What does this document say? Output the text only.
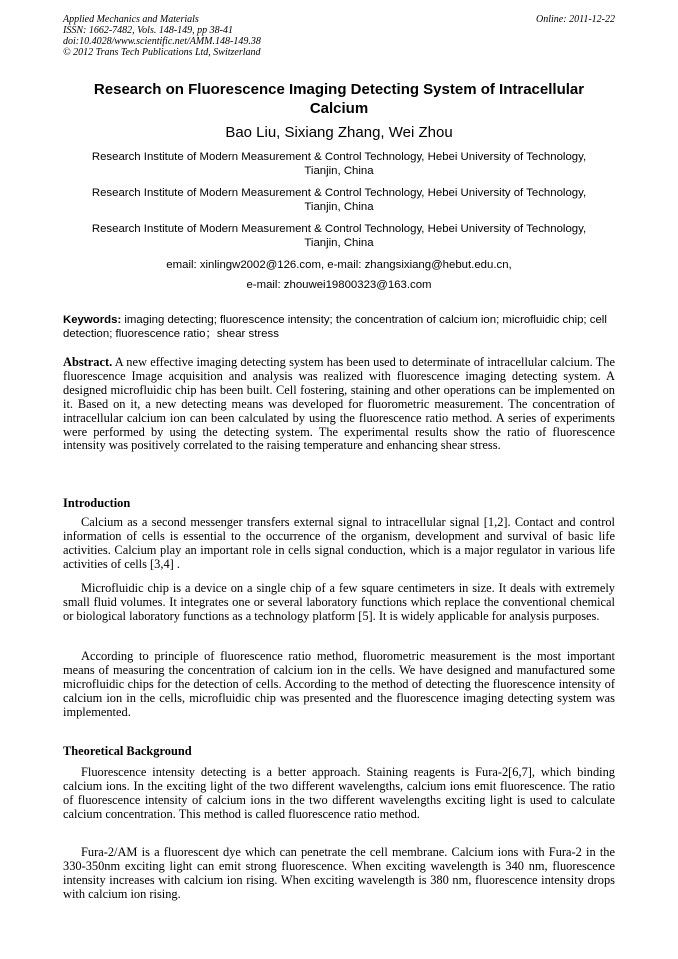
Applied Mechanics and Materials
ISSN: 1662-7482, Vols. 148-149, pp 38-41
doi:10.4028/www.scientific.net/AMM.148-149.38
© 2012 Trans Tech Publications Ltd, Switzerland
Online: 2011-12-22
Research on Fluorescence Imaging Detecting System of Intracellular Calcium
Bao Liu, Sixiang Zhang, Wei Zhou
Research Institute of Modern Measurement & Control Technology, Hebei University of Technology,
Tianjin, China
Research Institute of Modern Measurement & Control Technology, Hebei University of Technology,
Tianjin, China
Research Institute of Modern Measurement & Control Technology, Hebei University of Technology,
Tianjin, China
email: xinlingw2002@126.com, e-mail: zhangsixiang@hebut.edu.cn,
e-mail: zhouwei19800323@163.com
Keywords: imaging detecting; fluorescence intensity; the concentration of calcium ion; microfluidic chip; cell detection; fluorescence ratio；shear stress
Abstract. A new effective imaging detecting system has been used to determinate of intracellular calcium. The fluorescence Image acquisition and analysis was realized with fluorescence imaging detecting system. A designed microfluidic chip has been built. Cell fostering, staining and other operations can be implemented on it. Based on it, a new detecting means was developed for fluorometric measurement. The concentration of intracellular calcium ion can been calculated by using the fluorescence ratio method. A series of experiments were performed by using the detecting system. The experimental results show the ratio of fluorescence intensity was positively correlated to the raising temperature and enhancing shear stress.
Introduction
Calcium as a second messenger transfers external signal to intracellular signal [1,2]. Contact and control information of cells is essential to the occurrence of the organism, development and survival of basic life activities. Calcium play an important role in cells signal conduction, which is a major regulator in various life activities of cells [3,4] .
Microfluidic chip is a device on a single chip of a few square centimeters in size. It deals with extremely small fluid volumes. It integrates one or several laboratory functions which replace the conventional chemical or biological laboratory functions as a technology platform [5]. It is widely applicable for analysis purposes.
According to principle of fluorescence ratio method, fluorometric measurement is the most important means of measuring the concentration of calcium ion in the cells. We have designed and manufactured some microfluidic chips for the detection of cells. According to the method of detecting the fluorescence intensity of calcium ion in the cells, microfluidic chip was presented and the fluorescence imaging detecting system was implemented.
Theoretical Background
Fluorescence intensity detecting is a better approach. Staining reagents is Fura-2[6,7], which binding calcium ions. In the exciting light of the two different wavelengths, calcium ions emit fluorescence. The ratio of fluorescence intensity of calcium ions in the two different wavelengths exciting light is used to calculate calcium concentration. This method is called fluorescence ratio method.
Fura-2/AM is a fluorescent dye which can penetrate the cell membrane. Calcium ions with Fura-2 in the 330-350nm exciting light can emit strong fluorescence. When exciting wavelength is 340 nm, fluorescence intensity increases with calcium ion rising. When exciting wavelength is 380 nm, fluorescence intensity drops with calcium ion rising.
